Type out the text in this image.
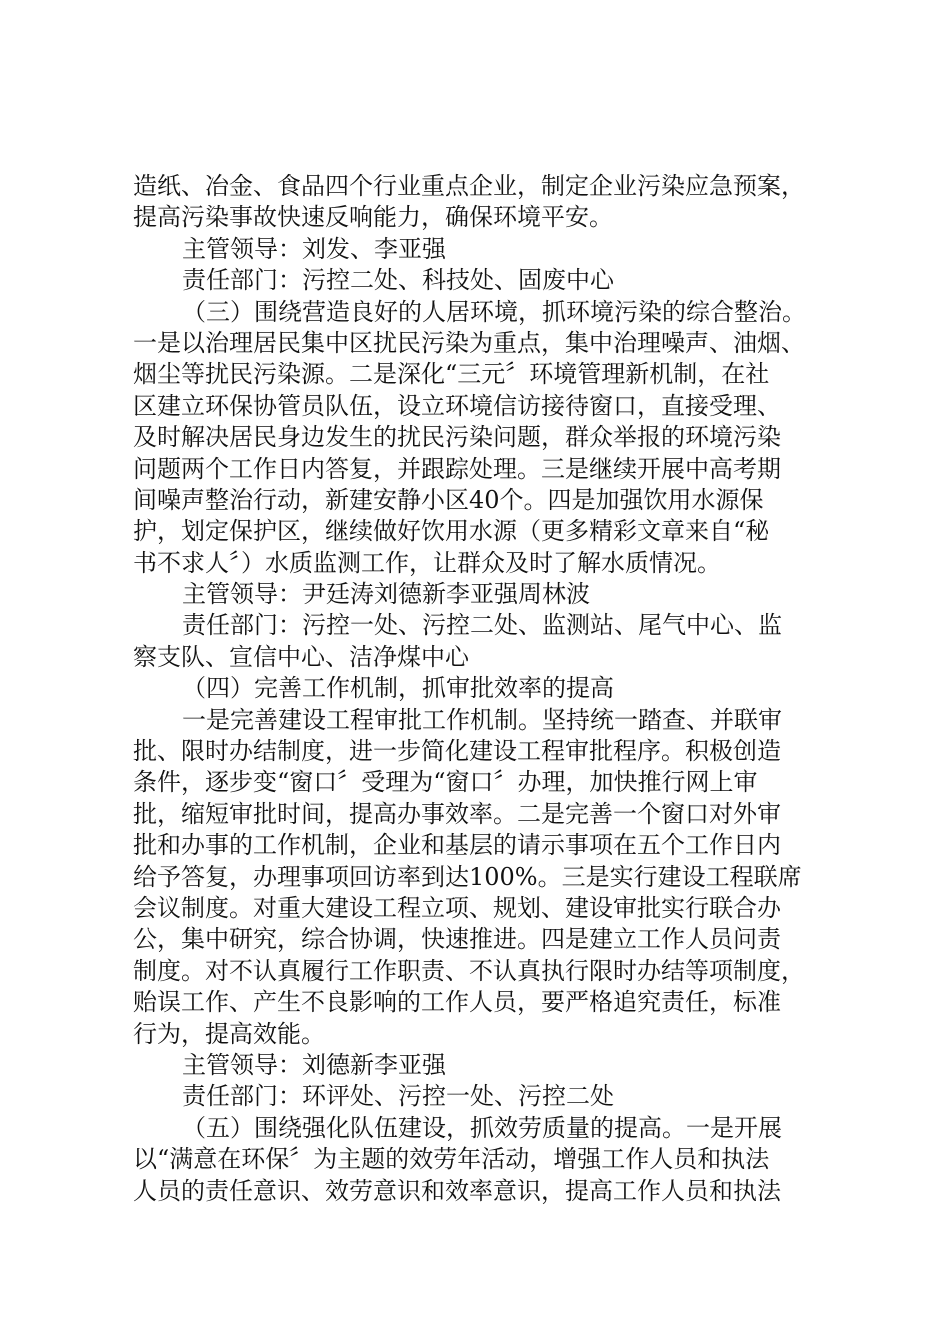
造纸、冶金、食品四个行业重点企业，制定企业污染应急预案，
提高污染事故快速反响能力，确保环境平安。
主管领导：刘发、李亚强
责任部门：污控二处、科技处、固废中心
（三）围绕营造良好的人居环境，抓环境污染的综合整治。
一是以治理居民集中区扰民污染为重点，集中治理噪声、油烟、
烟尘等扰民污染源。二是深化“三元〞环境管理新机制，在社
区建立环保协管员队伍，设立环境信访接待窗口，直接受理、
及时解决居民身边发生的扰民污染问题，群众举报的环境污染
问题两个工作日内答复，并跟踪处理。三是继续开展中高考期
间噪声整治行动，新建安静小区40个。四是加强饮用水源保
护，划定保护区，继续做好饮用水源（更多精彩文章来自“秘
书不求人〞）水质监测工作，让群众及时了解水质情况。
主管领导：尹廷涛刘德新李亚强周林波
责任部门：污控一处、污控二处、监测站、尾气中心、监
察支队、宣信中心、洁净煤中心
（四）完善工作机制，抓审批效率的提高
一是完善建设工程审批工作机制。坚持统一踏查、并联审
批、限时办结制度，进一步简化建设工程审批程序。积极创造
条件，逐步变“窗口〞受理为“窗口〞办理，加快推行网上审
批，缩短审批时间，提高办事效率。二是完善一个窗口对外审
批和办事的工作机制，企业和基层的请示事项在五个工作日内
给予答复，办理事项回访率到达100%。三是实行建设工程联席
会议制度。对重大建设工程立项、规划、建设审批实行联合办
公，集中研究，综合协调，快速推进。四是建立工作人员问责
制度。对不认真履行工作职责、不认真执行限时办结等项制度，
贻误工作、产生不良影响的工作人员，要严格追究责任，标准
行为，提高效能。
主管领导：刘德新李亚强
责任部门：环评处、污控一处、污控二处
（五）围绕强化队伍建设，抓效劳质量的提高。一是开展
以“满意在环保〞为主题的效劳年活动，增强工作人员和执法
人员的责任意识、效劳意识和效率意识，提高工作人员和执法
